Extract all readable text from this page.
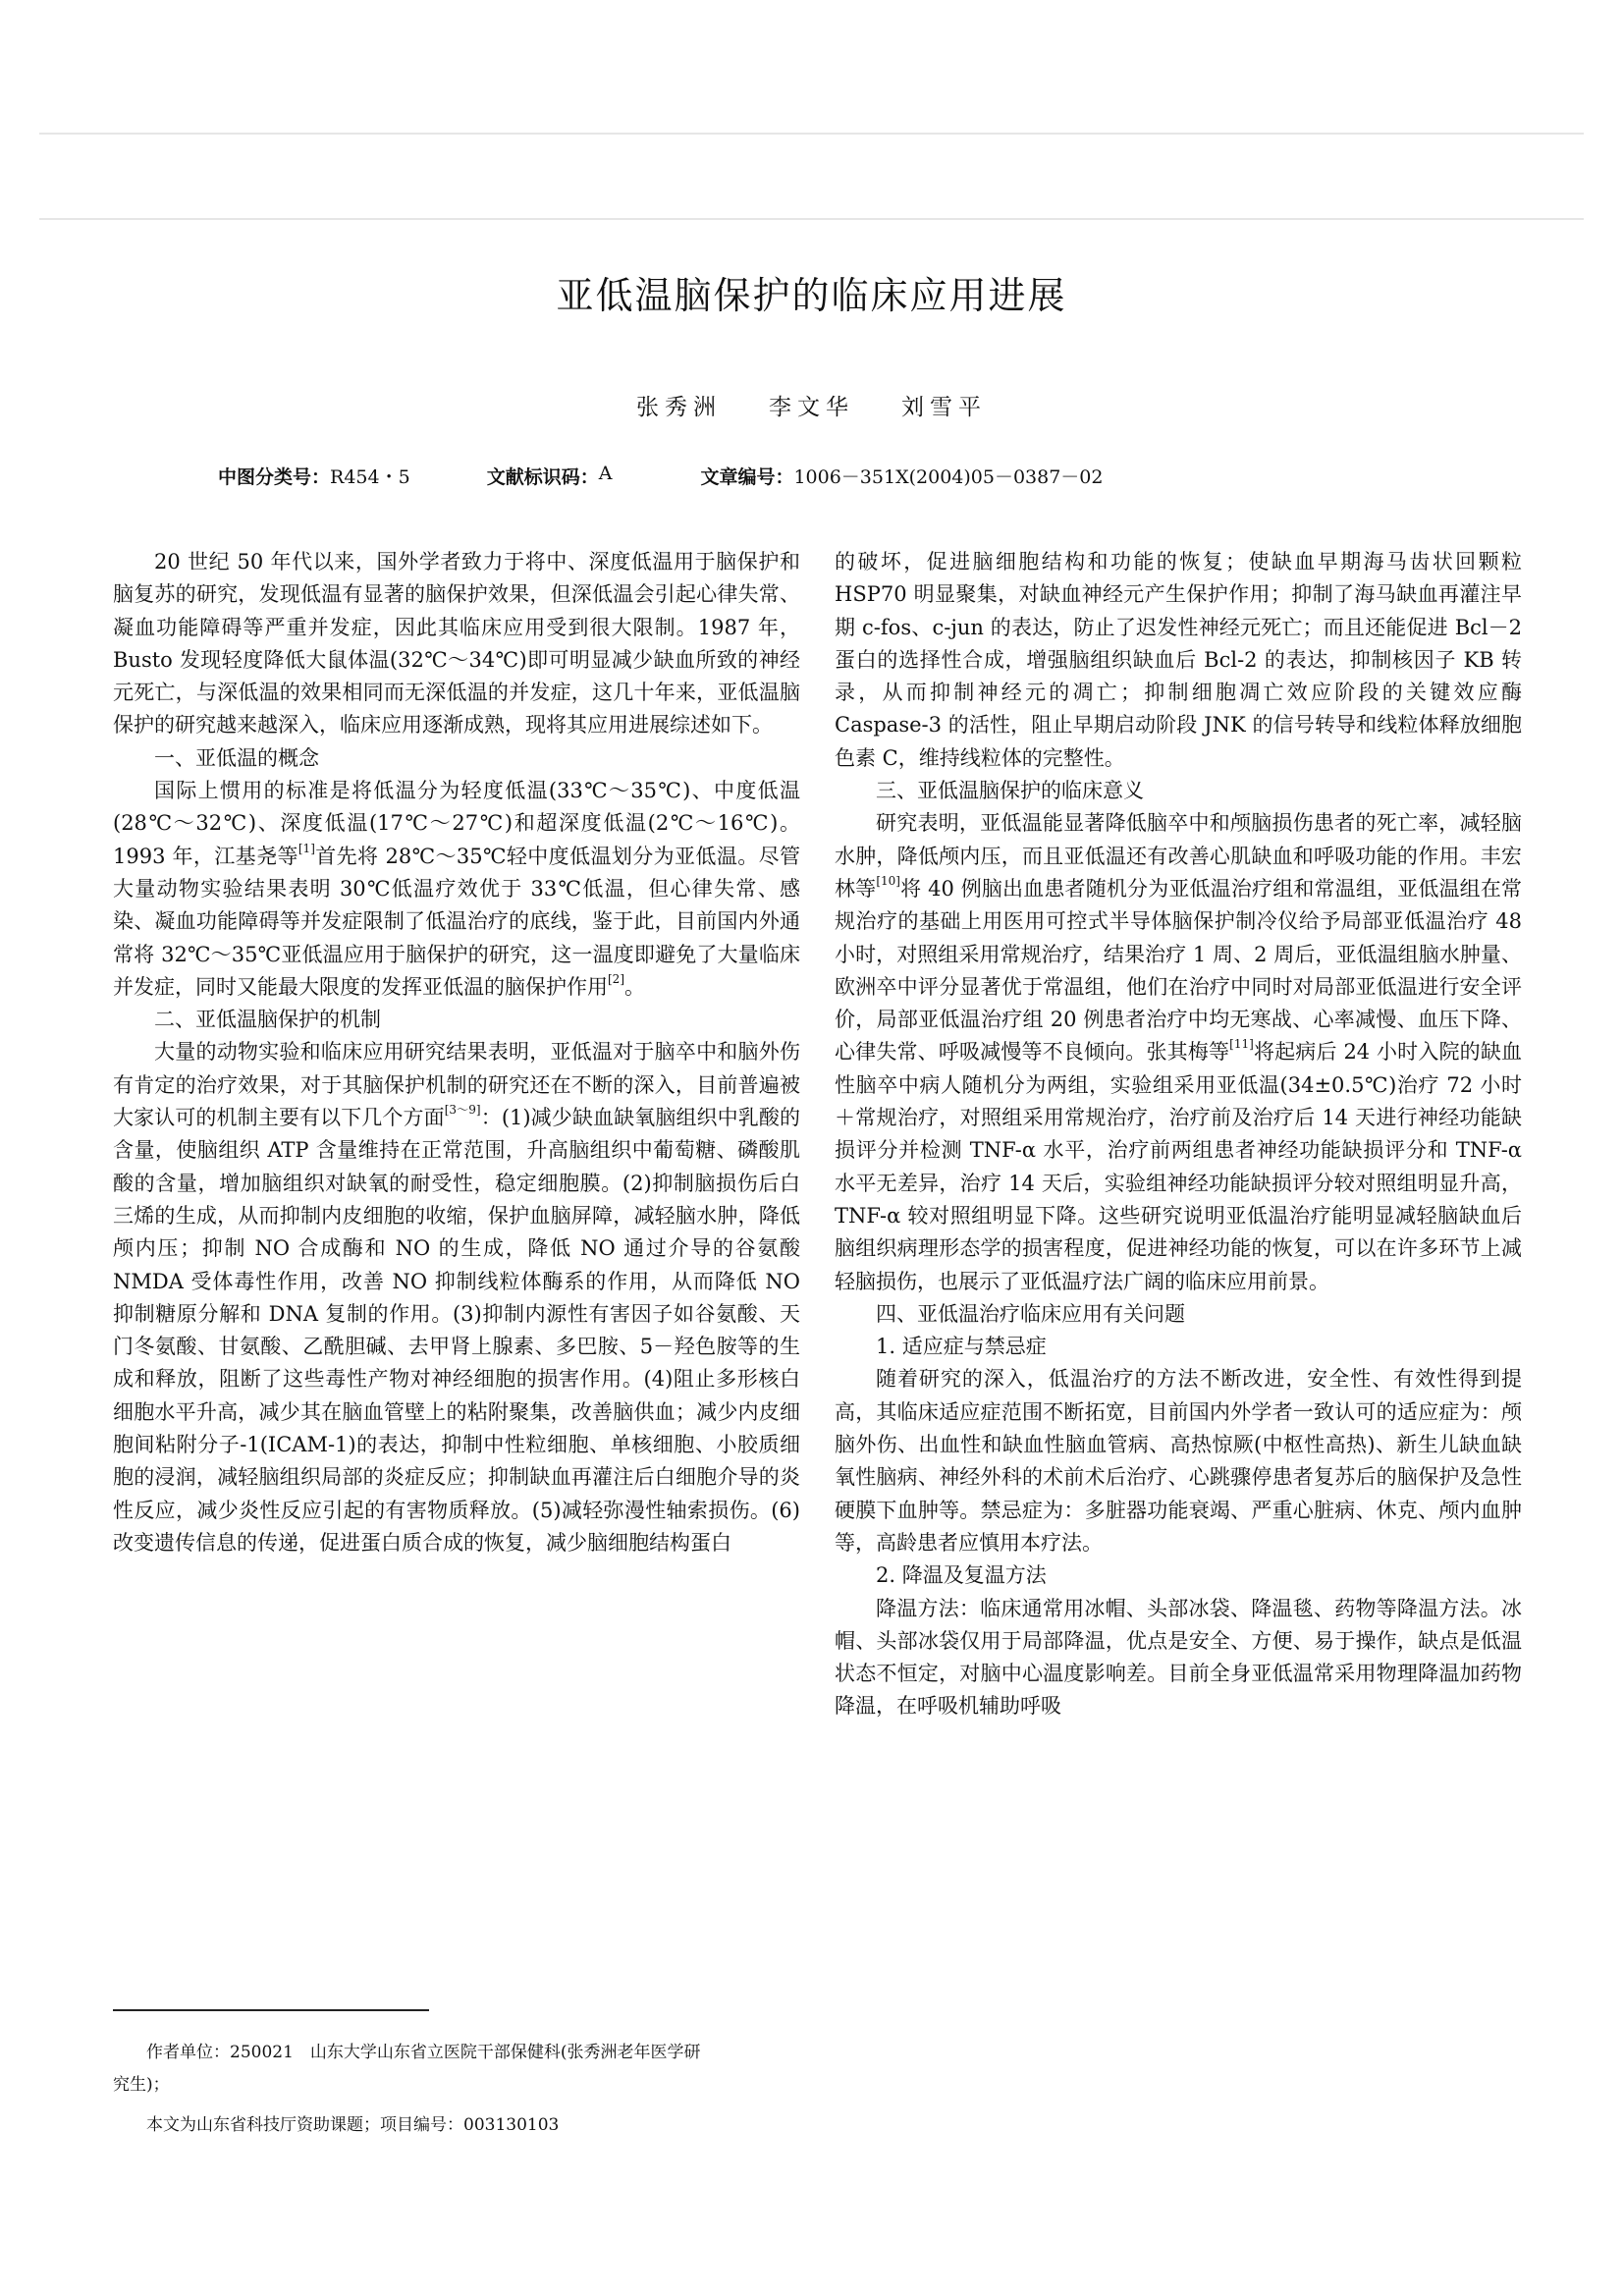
亚低温脑保护的临床应用进展
张秀洲 李文华 刘雪平
中图分类号： R454・5	文献标识码： A	文章编号： 1006－351X(2004)05－0387－02

20 世纪 50 年代以来，国外学者致力于将中、深度低温用于脑保护和脑复苏的研究，发现低温有显著的脑保护效果，但深低温会引起心律失常、凝血功能障碍等严重并发症，因此其临床应用受到很大限制。1987 年，Busto 发现轻度降低大鼠体温(32℃～34℃)即可明显减少缺血所致的神经元死亡，与深低温的效果相同而无深低温的并发症，这几十年来，亚低温脑保护的研究越来越深入，临床应用逐渐成熟，现将其应用进展综述如下。

一、亚低温的概念

国际上惯用的标准是将低温分为轻度低温(33℃～35℃)、中度低温(28℃～32℃)、深度低温(17℃～27℃)和超深度低温(2℃～16℃)。1993 年，江基尧等[1]首先将 28℃～35℃轻中度低温划分为亚低温。尽管大量动物实验结果表明 30℃低温疗效优于 33℃低温，但心律失常、感染、凝血功能障碍等并发症限制了低温治疗的底线，鉴于此，目前国内外通常将 32℃～35℃亚低温应用于脑保护的研究，这一温度即避免了大量临床并发症，同时又能最大限度的发挥亚低温的脑保护作用[2]。

二、亚低温脑保护的机制

大量的动物实验和临床应用研究结果表明，亚低温对于脑卒中和脑外伤有肯定的治疗效果，对于其脑保护机制的研究还在不断的深入，目前普遍被大家认可的机制主要有以下几个方面[3～9]：(1)减少缺血缺氧脑组织中乳酸的含量，使脑组织 ATP 含量维持在正常范围，升高脑组织中葡萄糖、磷酸肌酸的含量，增加脑组织对缺氧的耐受性，稳定细胞膜。(2)抑制脑损伤后白三烯的生成，从而抑制内皮细胞的收缩，保护血脑屏障，减轻脑水肿，降低颅内压；抑制 NO 合成酶和 NO 的生成，降低 NO 通过介导的谷氨酸 NMDA 受体毒性作用，改善 NO 抑制线粒体酶系的作用，从而降低 NO 抑制糖原分解和 DNA 复制的作用。(3)抑制内源性有害因子如谷氨酸、天门冬氨酸、甘氨酸、乙酰胆碱、去甲肾上腺素、多巴胺、5－羟色胺等的生成和释放，阻断了这些毒性产物对神经细胞的损害作用。(4)阻止多形核白细胞水平升高，减少其在脑血管壁上的粘附聚集，改善脑供血；减少内皮细胞间粘附分子-1(ICAM-1)的表达，抑制中性粒细胞、单核细胞、小胶质细胞的浸润，减轻脑组织局部的炎症反应；抑制缺血再灌注后白细胞介导的炎性反应，减少炎性反应引起的有害物质释放。(5)减轻弥漫性轴索损伤。(6)改变遗传信息的传递，促进蛋白质合成的恢复，减少脑细胞结构蛋白

的破坏，促进脑细胞结构和功能的恢复；使缺血早期海马齿状回颗粒 HSP70 明显聚集，对缺血神经元产生保护作用；抑制了海马缺血再灌注早期 c-fos、c-jun 的表达，防止了迟发性神经元死亡；而且还能促进 Bcl－2 蛋白的选择性合成，增强脑组织缺血后 Bcl-2 的表达，抑制核因子 KB 转录，从而抑制神经元的凋亡；抑制细胞凋亡效应阶段的关键效应酶 Caspase-3 的活性，阻止早期启动阶段 JNK 的信号转导和线粒体释放细胞色素 C，维持线粒体的完整性。

三、亚低温脑保护的临床意义

研究表明，亚低温能显著降低脑卒中和颅脑损伤患者的死亡率，减轻脑水肿，降低颅内压，而且亚低温还有改善心肌缺血和呼吸功能的作用。丰宏林等[10]将 40 例脑出血患者随机分为亚低温治疗组和常温组，亚低温组在常规治疗的基础上用医用可控式半导体脑保护制冷仪给予局部亚低温治疗 48 小时，对照组采用常规治疗，结果治疗 1 周、2 周后，亚低温组脑水肿量、欧洲卒中评分显著优于常温组，他们在治疗中同时对局部亚低温进行安全评价，局部亚低温治疗组 20 例患者治疗中均无寒战、心率减慢、血压下降、心律失常、呼吸减慢等不良倾向。张其梅等[11]将起病后 24 小时入院的缺血性脑卒中病人随机分为两组，实验组采用亚低温(34±0.5℃)治疗 72 小时＋常规治疗，对照组采用常规治疗，治疗前及治疗后 14 天进行神经功能缺损评分并检测 TNF-α 水平，治疗前两组患者神经功能缺损评分和 TNF-α 水平无差异，治疗 14 天后，实验组神经功能缺损评分较对照组明显升高，TNF-α 较对照组明显下降。这些研究说明亚低温治疗能明显减轻脑缺血后脑组织病理形态学的损害程度，促进神经功能的恢复，可以在许多环节上减轻脑损伤，也展示了亚低温疗法广阔的临床应用前景。

四、亚低温治疗临床应用有关问题
1. 适应症与禁忌症

随着研究的深入，低温治疗的方法不断改进，安全性、有效性得到提高，其临床适应症范围不断拓宽，目前国内外学者一致认可的适应症为：颅脑外伤、出血性和缺血性脑血管病、高热惊厥(中枢性高热)、新生儿缺血缺氧性脑病、神经外科的术前术后治疗、心跳骤停患者复苏后的脑保护及急性硬膜下血肿等。禁忌症为：多脏器功能衰竭、严重心脏病、休克、颅内血肿等，高龄患者应慎用本疗法。

2. 降温及复温方法

降温方法：临床通常用冰帽、头部冰袋、降温毯、药物等降温方法。冰帽、头部冰袋仅用于局部降温，优点是安全、方便、易于操作，缺点是低温状态不恒定，对脑中心温度影响差。目前全身亚低温常采用物理降温加药物降温，在呼吸机辅助呼吸

作者单位：250021　山东大学山东省立医院干部保健科(张秀洲老年医学研究生)；
本文为山东省科技厅资助课题；项目编号：003130103
